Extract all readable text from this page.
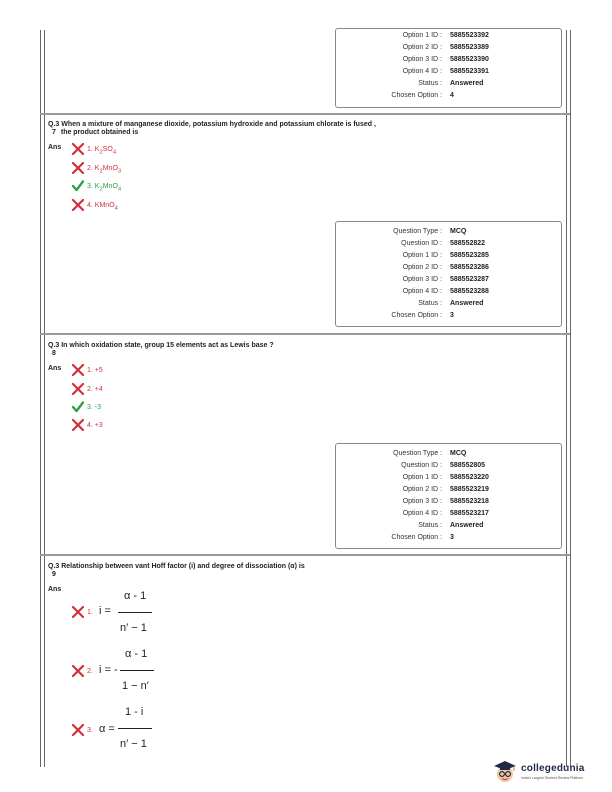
Option 1 ID : 5885523392
Option 2 ID : 5885523389
Option 3 ID : 5885523390
Option 4 ID : 5885523391
Status : Answered
Chosen Option : 4
Q.3 When a mixture of manganese dioxide, potassium hydroxide and potassium chlorate is fused ,
7 the product obtained is
Ans	1. $K_2SO_4$
2. $K_2MnO_3$
3. $K_2MnO_4$
4. KMnO$_4$
Question Type : MCQ
Question ID : 588552822
Option 1 ID : 5885523285
Option 2 ID : 5885523286
Option 3 ID : 5885523287
Option 4 ID : 5885523288
Status : Answered
Chosen Option : 3
Q.3 In which oxidation state, group 15 elements act as Lewis base ?
8
Ans	1. +5
2. +4
3. -3
4. +3
Question Type : MCQ
Question ID : 588552805
Option 1 ID : 5885523220
Option 2 ID : 5885523219
Option 3 ID : 5885523218
Option 4 ID : 5885523217
Status : Answered
Chosen Option : 3
Q.3 Relationship between vant Hoff factor (i) and degree of dissociation (α) is
9
Ans
1. i =
α - 1
n′ − 1
2. i = -
α - 1
1 − n′
3. α =
1 - i
n′ − 1
collegedunia
India's Largest Student Review Platform
